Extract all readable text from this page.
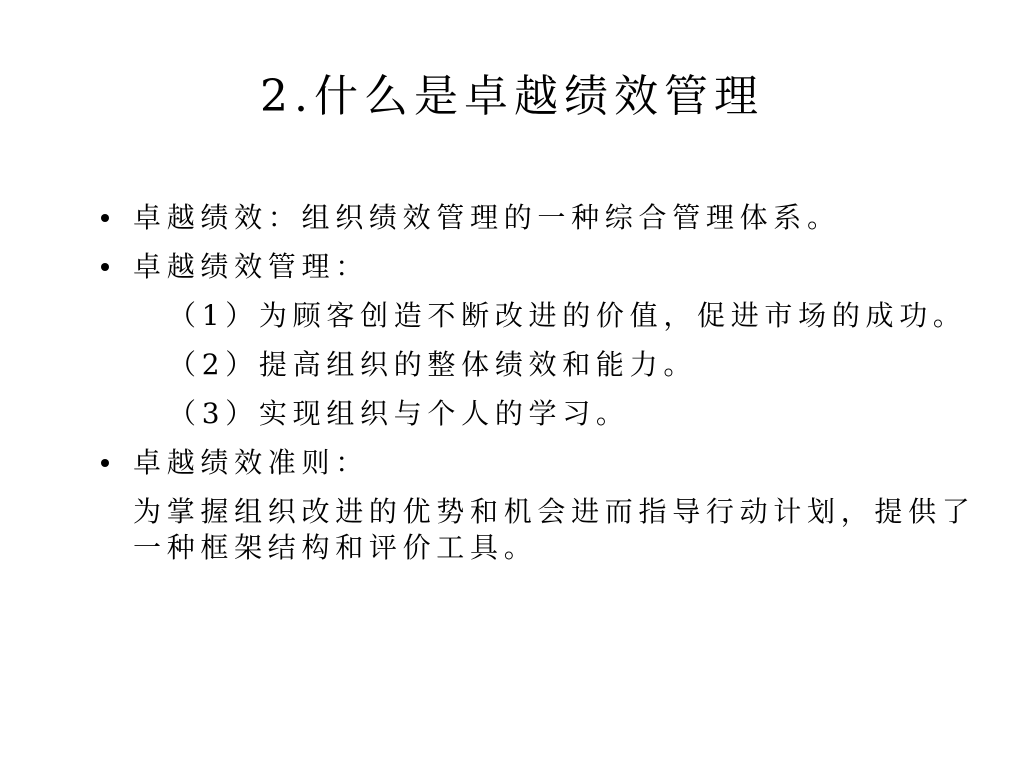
2.什么是卓越绩效管理
卓越绩效：组织绩效管理的一种综合管理体系。
卓越绩效管理：
（1）为顾客创造不断改进的价值，促进市场的成功。
（2）提高组织的整体绩效和能力。
（3）实现组织与个人的学习。
卓越绩效准则：
为掌握组织改进的优势和机会进而指导行动计划，提供了一种框架结构和评价工具。
